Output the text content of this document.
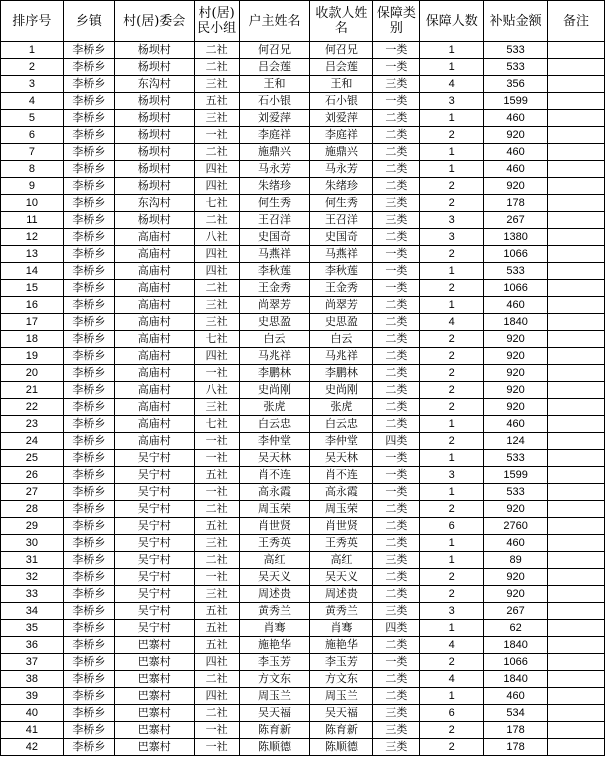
排序号	乡镇	村(居)委会	村(居)民小组	户主姓名	收款人姓名	保障类别	保障人数	补贴金额	备注
1	李桥乡	杨坝村	二社	何召兄	何召兄	一类	1	533	
2	李桥乡	杨坝村	二社	吕会莲	吕会莲	一类	1	533	
3	李桥乡	东沟村	三社	王和	王和	三类	4	356	
4	李桥乡	杨坝村	五社	石小银	石小银	一类	3	1599	
5	李桥乡	杨坝村	三社	刘爱萍	刘爱萍	二类	1	460	
6	李桥乡	杨坝村	一社	李庭祥	李庭祥	二类	2	920	
7	李桥乡	杨坝村	二社	施鼎兴	施鼎兴	二类	1	460	
8	李桥乡	杨坝村	四社	马永芳	马永芳	二类	1	460	
9	李桥乡	杨坝村	四社	朱绪珍	朱绪珍	二类	2	920	
10	李桥乡	东沟村	七社	何生秀	何生秀	三类	2	178	
11	李桥乡	杨坝村	二社	王召洋	王召洋	三类	3	267	
12	李桥乡	高庙村	八社	史国奇	史国奇	二类	3	1380	
13	李桥乡	高庙村	四社	马燕祥	马燕祥	一类	2	1066	
14	李桥乡	高庙村	四社	李秋莲	李秋莲	一类	1	533	
15	李桥乡	高庙村	二社	王金秀	王金秀	一类	2	1066	
16	李桥乡	高庙村	三社	尚翠芳	尚翠芳	二类	1	460	
17	李桥乡	高庙村	三社	史思盈	史思盈	二类	4	1840	
18	李桥乡	高庙村	七社	白云	白云	二类	2	920	
19	李桥乡	高庙村	四社	马兆祥	马兆祥	二类	2	920	
20	李桥乡	高庙村	一社	李鹏林	李鹏林	二类	2	920	
21	李桥乡	高庙村	八社	史尚刚	史尚刚	二类	2	920	
22	李桥乡	高庙村	三社	张虎	张虎	二类	2	920	
23	李桥乡	高庙村	七社	白云忠	白云忠	二类	1	460	
24	李桥乡	高庙村	一社	李仲堂	李仲堂	四类	2	124	
25	李桥乡	吴宁村	一社	吴天林	吴天林	一类	1	533	
26	李桥乡	吴宁村	五社	肖不连	肖不连	一类	3	1599	
27	李桥乡	吴宁村	一社	高永霞	高永霞	一类	1	533	
28	李桥乡	吴宁村	二社	周玉荣	周玉荣	二类	2	920	
29	李桥乡	吴宁村	五社	肖世贤	肖世贤	二类	6	2760	
30	李桥乡	吴宁村	三社	王秀英	王秀英	二类	1	460	
31	李桥乡	吴宁村	二社	高红	高红	三类	1	89	
32	李桥乡	吴宁村	一社	吴天义	吴天义	二类	2	920	
33	李桥乡	吴宁村	三社	周述贵	周述贵	二类	2	920	
34	李桥乡	吴宁村	五社	黄秀兰	黄秀兰	三类	3	267	
35	李桥乡	吴宁村	五社	肖骞	肖骞	四类	1	62	
36	李桥乡	巴寨村	五社	施艳华	施艳华	二类	4	1840	
37	李桥乡	巴寨村	四社	李玉芳	李玉芳	一类	2	1066	
38	李桥乡	巴寨村	二社	方文东	方文东	二类	4	1840	
39	李桥乡	巴寨村	四社	周玉兰	周玉兰	二类	1	460	
40	李桥乡	巴寨村	二社	吴天福	吴天福	三类	6	534	
41	李桥乡	巴寨村	一社	陈育新	陈育新	三类	2	178	
42	李桥乡	巴寨村	一社	陈顺德	陈顺德	三类	2	178	
